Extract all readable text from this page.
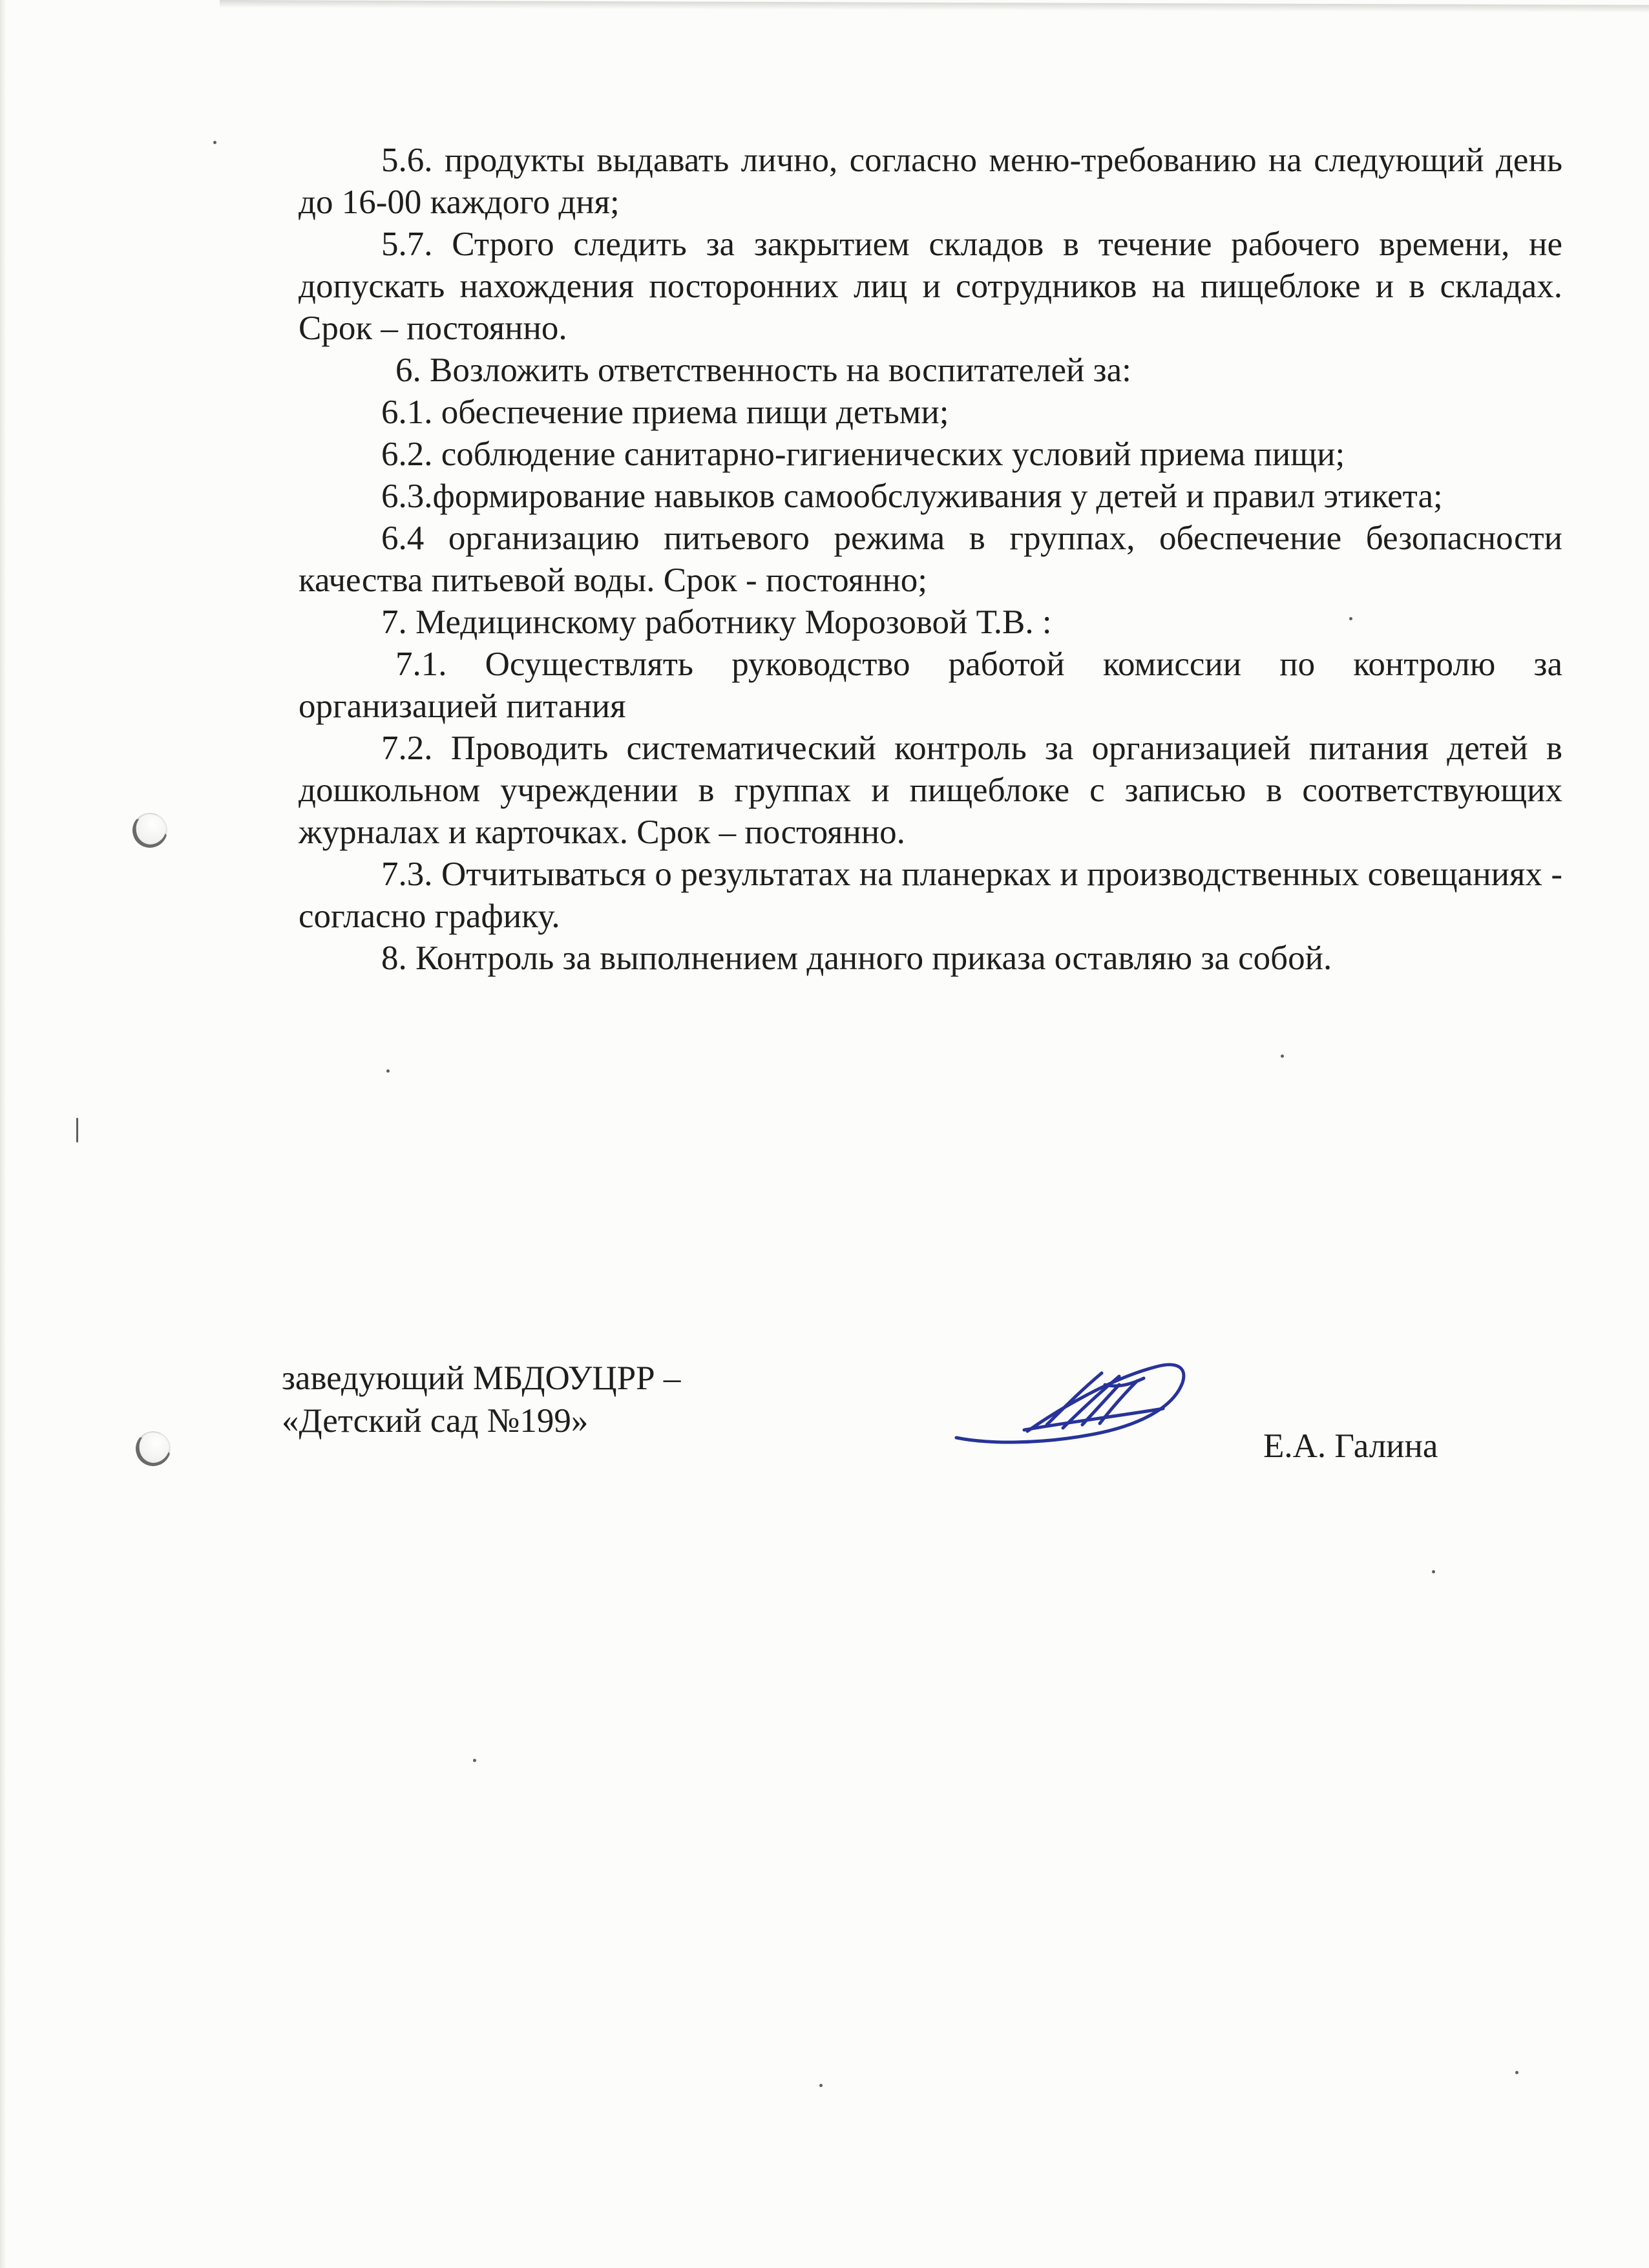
5.6. продукты выдавать лично, согласно меню-требованию на следующий день до 16-00 каждого дня;

5.7. Строго следить за закрытием складов в течение рабочего времени, не допускать нахождения посторонних лиц и сотрудников на пищеблоке и в складах. Срок – постоянно.

6. Возложить ответственность на воспитателей за:

6.1. обеспечение приема пищи детьми;

6.2. соблюдение санитарно-гигиенических условий приема пищи;

6.3.формирование навыков самообслуживания у детей и правил этикета;

6.4 организацию питьевого режима в группах, обеспечение безопасности качества питьевой воды. Срок - постоянно;

7. Медицинскому работнику Морозовой Т.В. :

7.1. Осуществлять руководство работой комиссии по контролю за организацией питания

7.2. Проводить систематический контроль за организацией питания детей в дошкольном учреждении в группах и пищеблоке с записью в соответствующих журналах и карточках. Срок – постоянно.

7.3. Отчитываться о результатах на планерках и производственных совещаниях - согласно графику.

8. Контроль за выполнением данного приказа оставляю за собой.

заведующий МБДОУЦРР –
«Детский сад №199»
Е.А. Галина
